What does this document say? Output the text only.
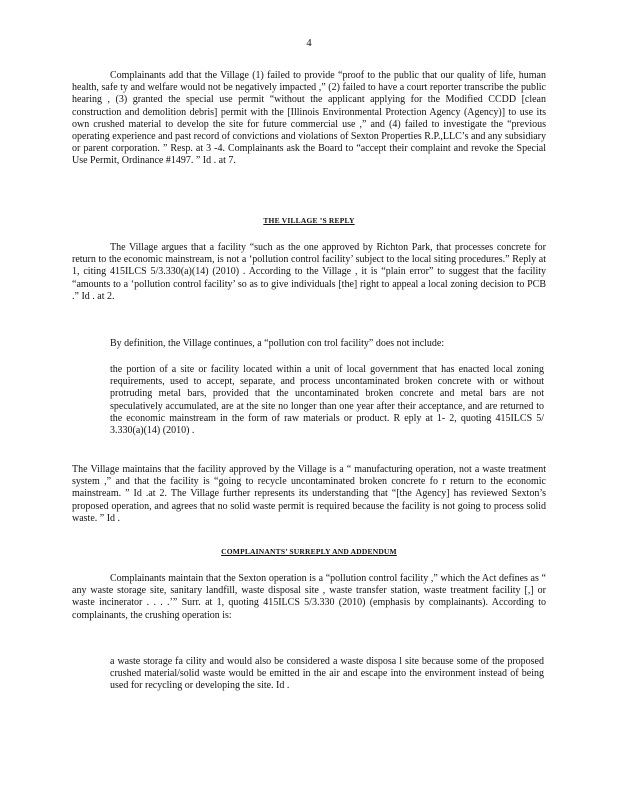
4

Complainants add that the Village (1) failed to provide “proof to the public that our quality of life, human health, safe ty and welfare would not be negatively impacted ,” (2) failed to have a court reporter transcribe the public hearing , (3) granted the special use permit “without the applicant applying for the Modified CCDD [clean construction and demolition debris] permit with the [Illinois Environmental Protection Agency (Agency)] to use its own crushed material to develop the site for future commercial use ,” and (4) failed to investigate the “previous operating experience and past record of convictions and violations of Sexton Properties R.P.,LLC’s and any subsidiary or parent corporation. ” Resp. at 3 -4. Complainants ask the Board to “accept their complaint and revoke the Special Use Permit, Ordinance #1497. ” Id . at 7.

THE VILLAGE ’S REPLY

The Village argues that a facility “such as the one approved by Richton Park, that processes concrete for return to the economic mainstream, is not a ‘pollution control facility’ subject to the local siting procedures.” Reply at 1, citing 415ILCS 5/3.330(a)(14) (2010) . According to the Village , it is “plain error” to suggest that the facility “amounts to a ‘pollution control facility’ so as to give individuals [the] right to appeal a local zoning decision to PCB .” Id . at 2.

By definition, the Village continues, a “pollution con trol facility” does not include:

the portion of a site or facility located within a unit of local government that has enacted local zoning requirements, used to accept, separate, and process uncontaminated broken concrete with or without protruding metal bars, provided that the uncontaminated broken concrete and metal bars are not speculatively accumulated, are at the site no longer than one year after their acceptance, and are returned to the economic mainstream in the form of raw materials or product. R eply at 1- 2, quoting 415ILCS 5/ 3.330(a)(14) (2010) .

The Village maintains that the facility approved by the Village is a “ manufacturing operation, not a waste treatment system ,” and that the facility is “going to recycle uncontaminated broken concrete fo r return to the economic mainstream. ” Id .at 2. The Village further represents its understanding that “[the Agency] has reviewed Sexton’s proposed operation, and agrees that no solid waste permit is required because the facility is not going to process solid waste. ” Id .

COMPLAINANTS’ SURREPLY AND ADDENDUM

Complainants maintain that the Sexton operation is a “pollution control facility ,” which the Act defines as “ any waste storage site, sanitary landfill, waste disposal site , waste transfer station, waste treatment facility [,] or waste incinerator . . . .’” Surr. at 1, quoting 415ILCS 5/3.330 (2010) (emphasis by complainants). According to complainants, the crushing operation is:

a waste storage fa cility and would also be considered a waste disposa l site because some of the proposed crushed material/solid waste would be emitted in the air and escape into the environment instead of being used for recycling or developing the site. Id .
